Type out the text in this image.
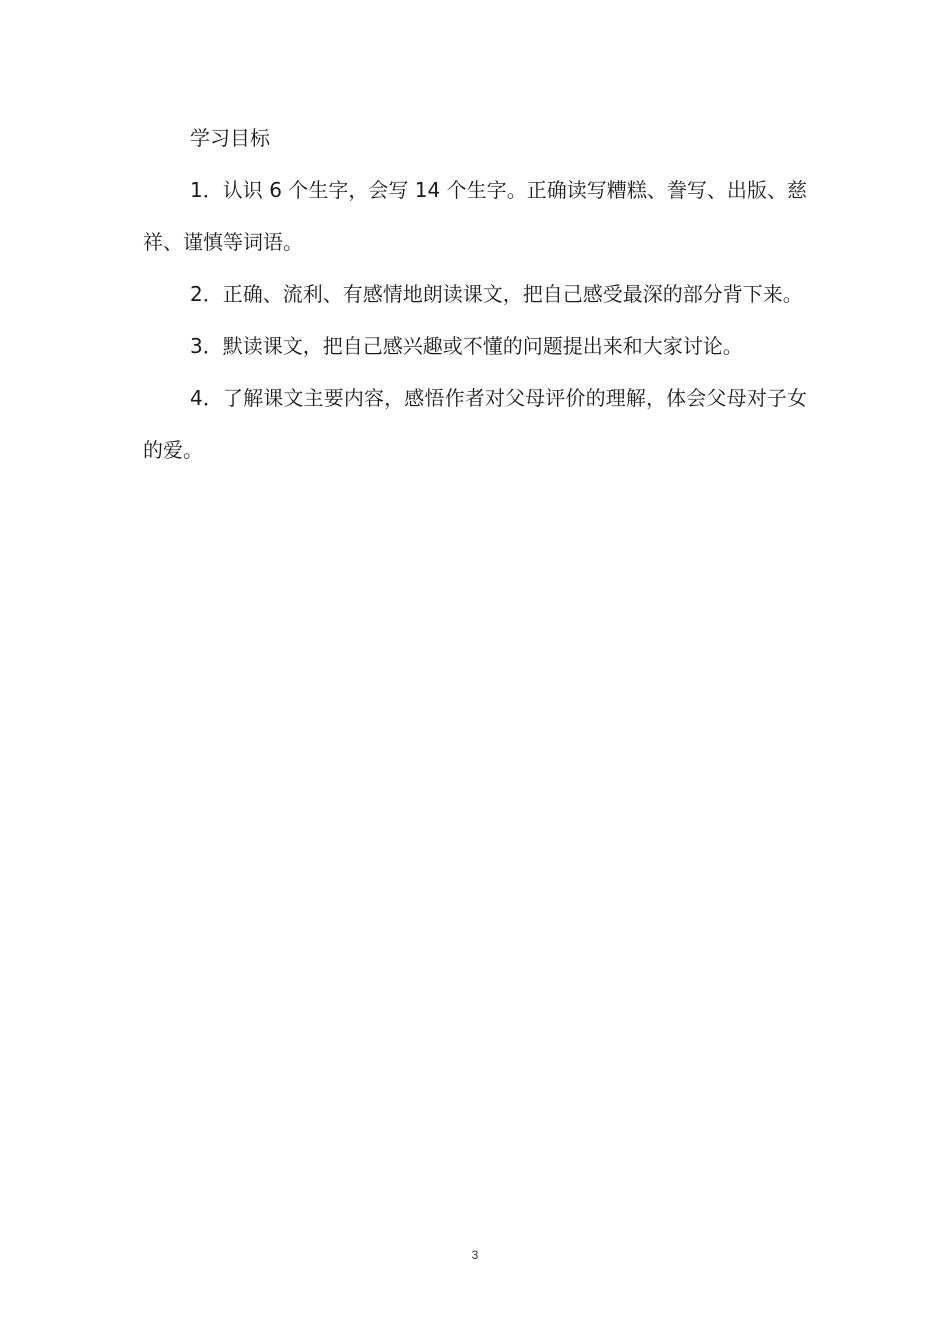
学习目标

1．认识 6 个生字，会写 14 个生字。正确读写糟糕、誊写、出版、慈祥、谨慎等词语。

2．正确、流利、有感情地朗读课文，把自己感受最深的部分背下来。

3．默读课文，把自己感兴趣或不懂的问题提出来和大家讨论。

4．了解课文主要内容，感悟作者对父母评价的理解，体会父母对子女的爱。

3
